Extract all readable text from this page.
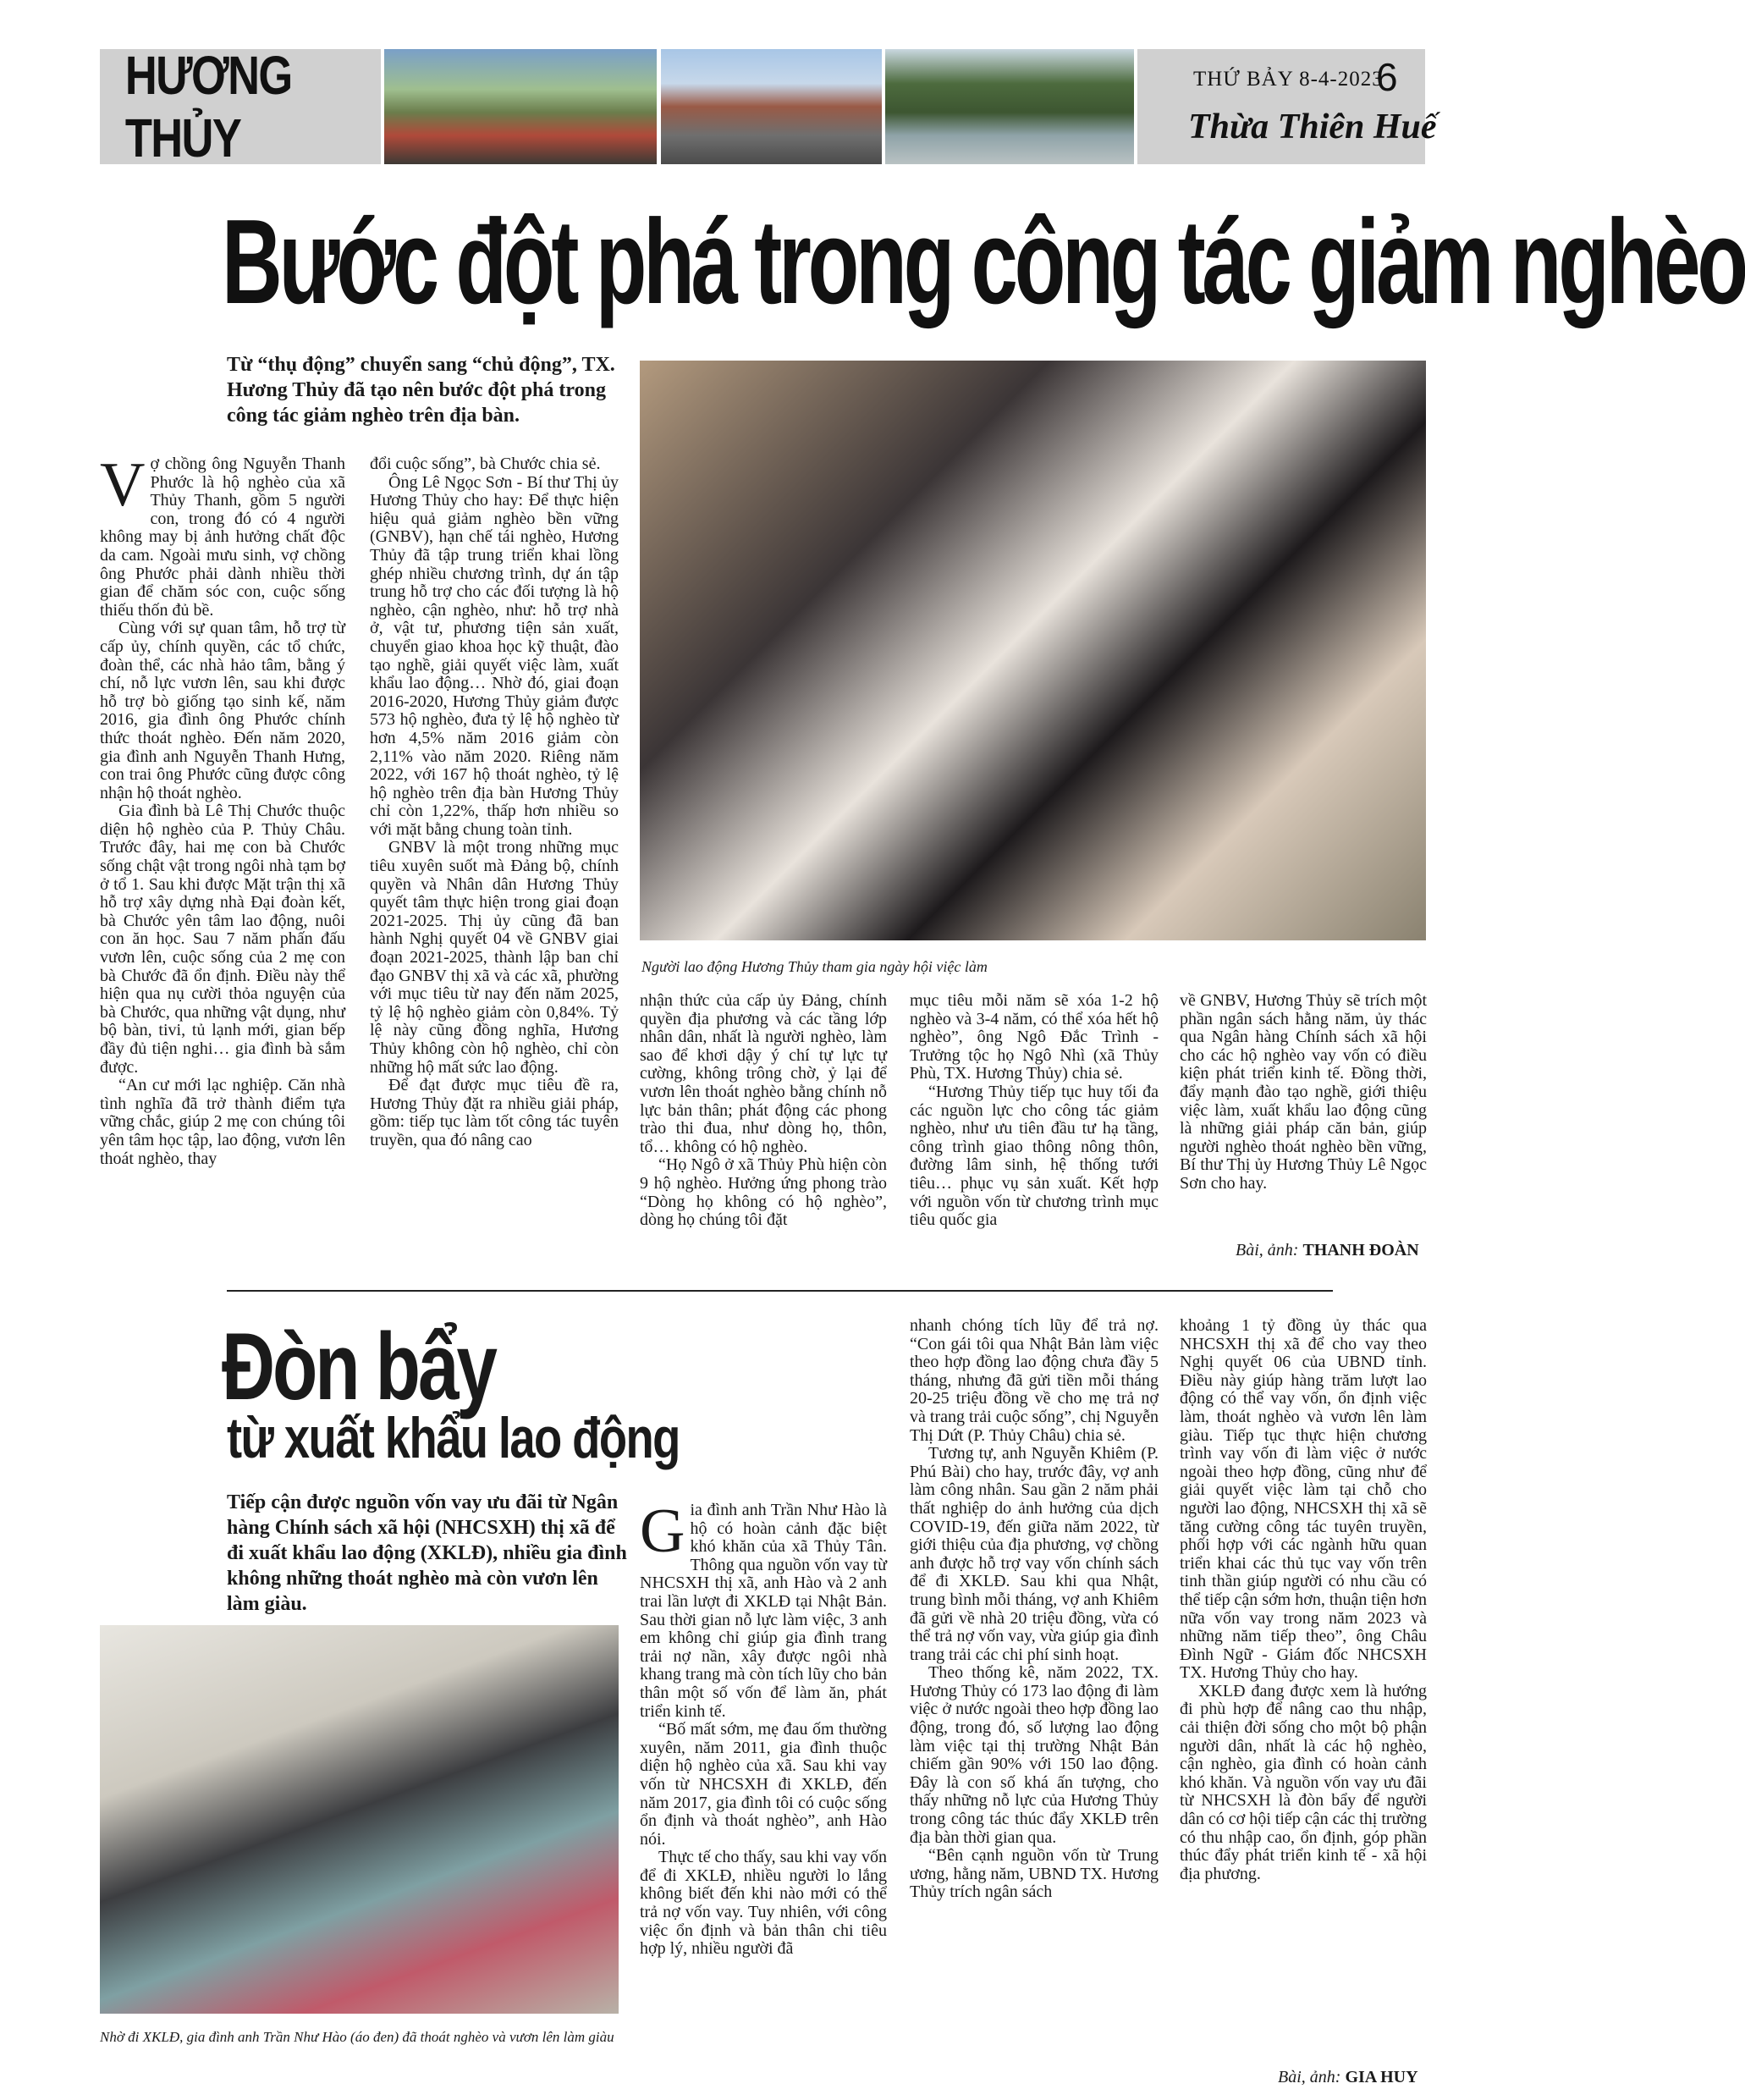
HƯƠNG THỦY
THỨ BẢY 8-4-2023
6
Thừa Thiên Huế
Bước đột phá trong công tác giảm nghèo
Từ “thụ động” chuyển sang “chủ động”, TX. Hương Thủy đã tạo nên bước đột phá trong công tác giảm nghèo trên địa bàn.
Người lao động Hương Thủy tham gia ngày hội việc làm
V ợ chồng ông Nguyễn Thanh Phước là hộ nghèo của xã Thủy Thanh, gồm 5 người con, trong đó có 4 người không may bị ảnh hưởng chất độc da cam. Ngoài mưu sinh, vợ chồng ông Phước phải dành nhiều thời gian để chăm sóc con, cuộc sống thiếu thốn đủ bề.

Cùng với sự quan tâm, hỗ trợ từ cấp ủy, chính quyền, các tổ chức, đoàn thể, các nhà hảo tâm, bằng ý chí, nỗ lực vươn lên, sau khi được hỗ trợ bò giống tạo sinh kế, năm 2016, gia đình ông Phước chính thức thoát nghèo. Đến năm 2020, gia đình anh Nguyễn Thanh Hưng, con trai ông Phước cũng được công nhận hộ thoát nghèo.

Gia đình bà Lê Thị Chước thuộc diện hộ nghèo của P. Thủy Châu. Trước đây, hai mẹ con bà Chước sống chật vật trong ngôi nhà tạm bợ ở tổ 1. Sau khi được Mặt trận thị xã hỗ trợ xây dựng nhà Đại đoàn kết, bà Chước yên tâm lao động, nuôi con ăn học. Sau 7 năm phấn đấu vươn lên, cuộc sống của 2 mẹ con bà Chước đã ổn định. Điều này thể hiện qua nụ cười thỏa nguyện của bà Chước, qua những vật dụng, như bộ bàn, tivi, tủ lạnh mới, gian bếp đầy đủ tiện nghi… gia đình bà sắm được.

“An cư mới lạc nghiệp. Căn nhà tình nghĩa đã trở thành điểm tựa vững chắc, giúp 2 mẹ con chúng tôi yên tâm học tập, lao động, vươn lên thoát nghèo, thay

đổi cuộc sống”, bà Chước chia sẻ.

Ông Lê Ngọc Sơn - Bí thư Thị ủy Hương Thủy cho hay: Để thực hiện hiệu quả giảm nghèo bền vững (GNBV), hạn chế tái nghèo, Hương Thủy đã tập trung triển khai lồng ghép nhiều chương trình, dự án tập trung hỗ trợ cho các đối tượng là hộ nghèo, cận nghèo, như: hỗ trợ nhà ở, vật tư, phương tiện sản xuất, chuyển giao khoa học kỹ thuật, đào tạo nghề, giải quyết việc làm, xuất khẩu lao động… Nhờ đó, giai đoạn 2016-2020, Hương Thủy giảm được 573 hộ nghèo, đưa tỷ lệ hộ nghèo từ hơn 4,5% năm 2016 giảm còn 2,11% vào năm 2020. Riêng năm 2022, với 167 hộ thoát nghèo, tỷ lệ hộ nghèo trên địa bàn Hương Thủy chỉ còn 1,22%, thấp hơn nhiều so với mặt bằng chung toàn tỉnh.

GNBV là một trong những mục tiêu xuyên suốt mà Đảng bộ, chính quyền và Nhân dân Hương Thủy quyết tâm thực hiện trong giai đoạn 2021-2025. Thị ủy cũng đã ban hành Nghị quyết 04 về GNBV giai đoạn 2021-2025, thành lập ban chỉ đạo GNBV thị xã và các xã, phường với mục tiêu từ nay đến năm 2025, tỷ lệ hộ nghèo giảm còn 0,84%. Tỷ lệ này cũng đồng nghĩa, Hương Thủy không còn hộ nghèo, chỉ còn những hộ mất sức lao động.

Để đạt được mục tiêu đề ra, Hương Thủy đặt ra nhiều giải pháp, gồm: tiếp tục làm tốt công tác tuyên truyền, qua đó nâng cao

nhận thức của cấp ủy Đảng, chính quyền địa phương và các tầng lớp nhân dân, nhất là người nghèo, làm sao để khơi dậy ý chí tự lực tự cường, không trông chờ, ỷ lại để vươn lên thoát nghèo bằng chính nỗ lực bản thân; phát động các phong trào thi đua, như dòng họ, thôn, tổ… không có hộ nghèo.

“Họ Ngô ở xã Thủy Phù hiện còn 9 hộ nghèo. Hưởng ứng phong trào “Dòng họ không có hộ nghèo”, dòng họ chúng tôi đặt

mục tiêu mỗi năm sẽ xóa 1-2 hộ nghèo và 3-4 năm, có thể xóa hết hộ nghèo”, ông Ngô Đắc Trình - Trưởng tộc họ Ngô Nhì (xã Thủy Phù, TX. Hương Thủy) chia sẻ.

“Hương Thủy tiếp tục huy tối đa các nguồn lực cho công tác giảm nghèo, như ưu tiên đầu tư hạ tầng, công trình giao thông nông thôn, đường lâm sinh, hệ thống tưới tiêu… phục vụ sản xuất. Kết hợp với nguồn vốn từ chương trình mục tiêu quốc gia

về GNBV, Hương Thủy sẽ trích một phần ngân sách hằng năm, ủy thác qua Ngân hàng Chính sách xã hội cho các hộ nghèo vay vốn có điều kiện phát triển kinh tế. Đồng thời, đẩy mạnh đào tạo nghề, giới thiệu việc làm, xuất khẩu lao động cũng là những giải pháp căn bản, giúp người nghèo thoát nghèo bền vững, Bí thư Thị ủy Hương Thủy Lê Ngọc Sơn cho hay.

Bài, ảnh: THANH ĐOÀN
Đòn bẩy
từ xuất khẩu lao động
Tiếp cận được nguồn vốn vay ưu đãi từ Ngân hàng Chính sách xã hội (NHCSXH) thị xã để đi xuất khẩu lao động (XKLĐ), nhiều gia đình không những thoát nghèo mà còn vươn lên làm giàu.
Nhờ đi XKLĐ, gia đình anh Trần Như Hào (áo đen) đã thoát nghèo và vươn lên làm giàu
G ia đình anh Trần Như Hào là hộ có hoàn cảnh đặc biệt khó khăn của xã Thủy Tân. Thông qua nguồn vốn vay từ NHCSXH thị xã, anh Hào và 2 anh trai lần lượt đi XKLĐ tại Nhật Bản. Sau thời gian nỗ lực làm việc, 3 anh em không chỉ giúp gia đình trang trải nợ nần, xây được ngôi nhà khang trang mà còn tích lũy cho bản thân một số vốn để làm ăn, phát triển kinh tế.

“Bố mất sớm, mẹ đau ốm thường xuyên, năm 2011, gia đình thuộc diện hộ nghèo của xã. Sau khi vay vốn từ NHCSXH đi XKLĐ, đến năm 2017, gia đình tôi có cuộc sống ổn định và thoát nghèo”, anh Hào nói.

Thực tế cho thấy, sau khi vay vốn để đi XKLĐ, nhiều người lo lắng không biết đến khi nào mới có thể trả nợ vốn vay. Tuy nhiên, với công việc ổn định và bản thân chi tiêu hợp lý, nhiều người đã

nhanh chóng tích lũy để trả nợ. “Con gái tôi qua Nhật Bản làm việc theo hợp đồng lao động chưa đầy 5 tháng, nhưng đã gửi tiền mỗi tháng 20-25 triệu đồng về cho mẹ trả nợ và trang trải cuộc sống”, chị Nguyễn Thị Dứt (P. Thủy Châu) chia sẻ.

Tương tự, anh Nguyễn Khiêm (P. Phú Bài) cho hay, trước đây, vợ anh làm công nhân. Sau gần 2 năm phải thất nghiệp do ảnh hưởng của dịch COVID-19, đến giữa năm 2022, từ giới thiệu của địa phương, vợ chồng anh được hỗ trợ vay vốn chính sách để đi XKLĐ. Sau khi qua Nhật, trung bình mỗi tháng, vợ anh Khiêm đã gửi về nhà 20 triệu đồng, vừa có thể trả nợ vốn vay, vừa giúp gia đình trang trải các chi phí sinh hoạt.

Theo thống kê, năm 2022, TX. Hương Thủy có 173 lao động đi làm việc ở nước ngoài theo hợp đồng lao động, trong đó, số lượng lao động làm việc tại thị trường Nhật Bản chiếm gần 90% với 150 lao động. Đây là con số khá ấn tượng, cho thấy những nỗ lực của Hương Thủy trong công tác thúc đẩy XKLĐ trên địa bàn thời gian qua.

“Bên cạnh nguồn vốn từ Trung ương, hằng năm, UBND TX. Hương Thủy trích ngân sách

khoảng 1 tỷ đồng ủy thác qua NHCSXH thị xã để cho vay theo Nghị quyết 06 của UBND tỉnh. Điều này giúp hàng trăm lượt lao động có thể vay vốn, ổn định việc làm, thoát nghèo và vươn lên làm giàu. Tiếp tục thực hiện chương trình vay vốn đi làm việc ở nước ngoài theo hợp đồng, cũng như để giải quyết việc làm tại chỗ cho người lao động, NHCSXH thị xã sẽ tăng cường công tác tuyên truyền, phối hợp với các ngành hữu quan triển khai các thủ tục vay vốn trên tinh thần giúp người có nhu cầu có thể tiếp cận sớm hơn, thuận tiện hơn nữa vốn vay trong năm 2023 và những năm tiếp theo”, ông Châu Đình Ngữ - Giám đốc NHCSXH TX. Hương Thủy cho hay.

XKLĐ đang được xem là hướng đi phù hợp để nâng cao thu nhập, cải thiện đời sống cho một bộ phận người dân, nhất là các hộ nghèo, cận nghèo, gia đình có hoàn cảnh khó khăn. Và nguồn vốn vay ưu đãi từ NHCSXH là đòn bẩy để người dân có cơ hội tiếp cận các thị trường có thu nhập cao, ổn định, góp phần thúc đẩy phát triển kinh tế - xã hội địa phương.

Bài, ảnh: GIA HUY
